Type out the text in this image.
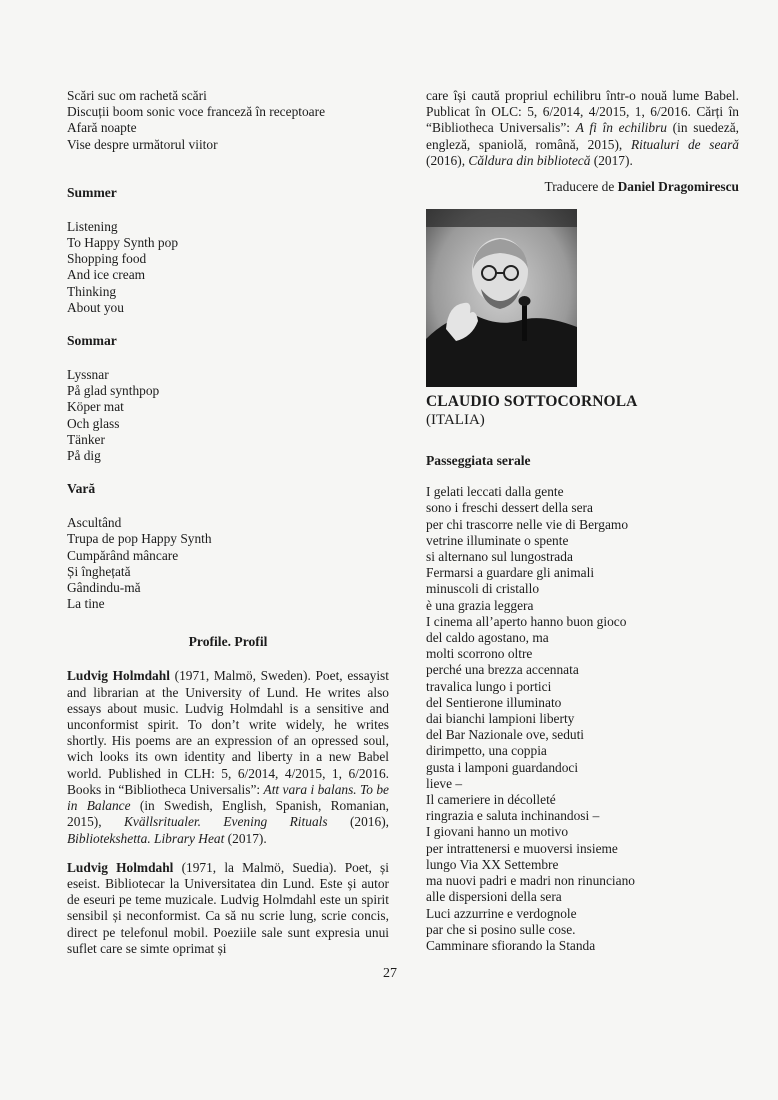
Scări suc om rachetă scări
Discuții boom sonic voce franceză în receptoare
Afară noapte
Vise despre următorul viitor
Summer
Listening
To Happy Synth pop
Shopping food
And ice cream
Thinking
About you
Sommar
Lyssnar
På glad synthpop
Köper mat
Och glass
Tänker
På dig
Vară
Ascultând
Trupa de pop Happy Synth
Cumpărând mâncare
Și înghețată
Gândindu-mă
La tine
Profile. Profil
Ludvig Holmdahl (1971, Malmö, Sweden). Poet, essayist and librarian at the University of Lund. He writes also essays about music. Ludvig Holmdahl is a sensitive and unconformist spirit. To don’t write widely, he writes shortly. His poems are an expression of an opressed soul, wich looks its own identity and liberty in a new Babel world. Published in CLH: 5, 6/2014, 4/2015, 1, 6/2016. Books in “Bibliotheca Universalis”: Att vara i balans. To be in Balance (in Swedish, English, Spanish, Romanian, 2015), Kvällsritualer. Evening Rituals (2016), Bibliotekshetta. Library Heat (2017).
Ludvig Holmdahl (1971, la Malmö, Suedia). Poet, și eseist. Bibliotecar la Universitatea din Lund. Este și autor de eseuri pe teme muzicale. Ludvig Holmdahl este un spirit sensibil și neconformist. Ca să nu scrie lung, scrie concis, direct pe telefonul mobil. Poeziile sale sunt expresia unui suflet care se simte oprimat și
care își caută propriul echilibru într-o nouă lume Babel. Publicat în OLC: 5, 6/2014, 4/2015, 1, 6/2016. Cărți în “Bibliotheca Universalis”: A fi în echilibru (in suedeză, engleză, spaniolă, română, 2015), Ritualuri de seară (2016), Căldura din bibliotecă (2017).
Traducere de Daniel Dragomirescu
CLAUDIO SOTTOCORNOLA
(ITALIA)
Passeggiata serale
I gelati leccati dalla gente
sono i freschi dessert della sera
per chi trascorre nelle vie di Bergamo
vetrine illuminate o spente
si alternano sul lungostrada
Fermarsi a guardare gli animali
minuscoli di cristallo
è una grazia leggera
I cinema all’aperto hanno buon gioco
del caldo agostano, ma
molti scorrono oltre
perché una brezza accennata
travalica lungo i portici
del Sentierone illuminato
dai bianchi lampioni liberty
del Bar Nazionale ove, seduti
dirimpetto, una coppia
gusta i lamponi guardandoci
lieve –
Il cameriere in décolleté
ringrazia e saluta inchinandosi –
I giovani hanno un motivo
per intrattenersi e muoversi insieme
lungo Via XX Settembre
ma nuovi padri e madri non rinunciano
alle dispersioni della sera
Luci azzurrine e verdognole
par che si posino sulle cose.
Camminare sfiorando la Standa
27
